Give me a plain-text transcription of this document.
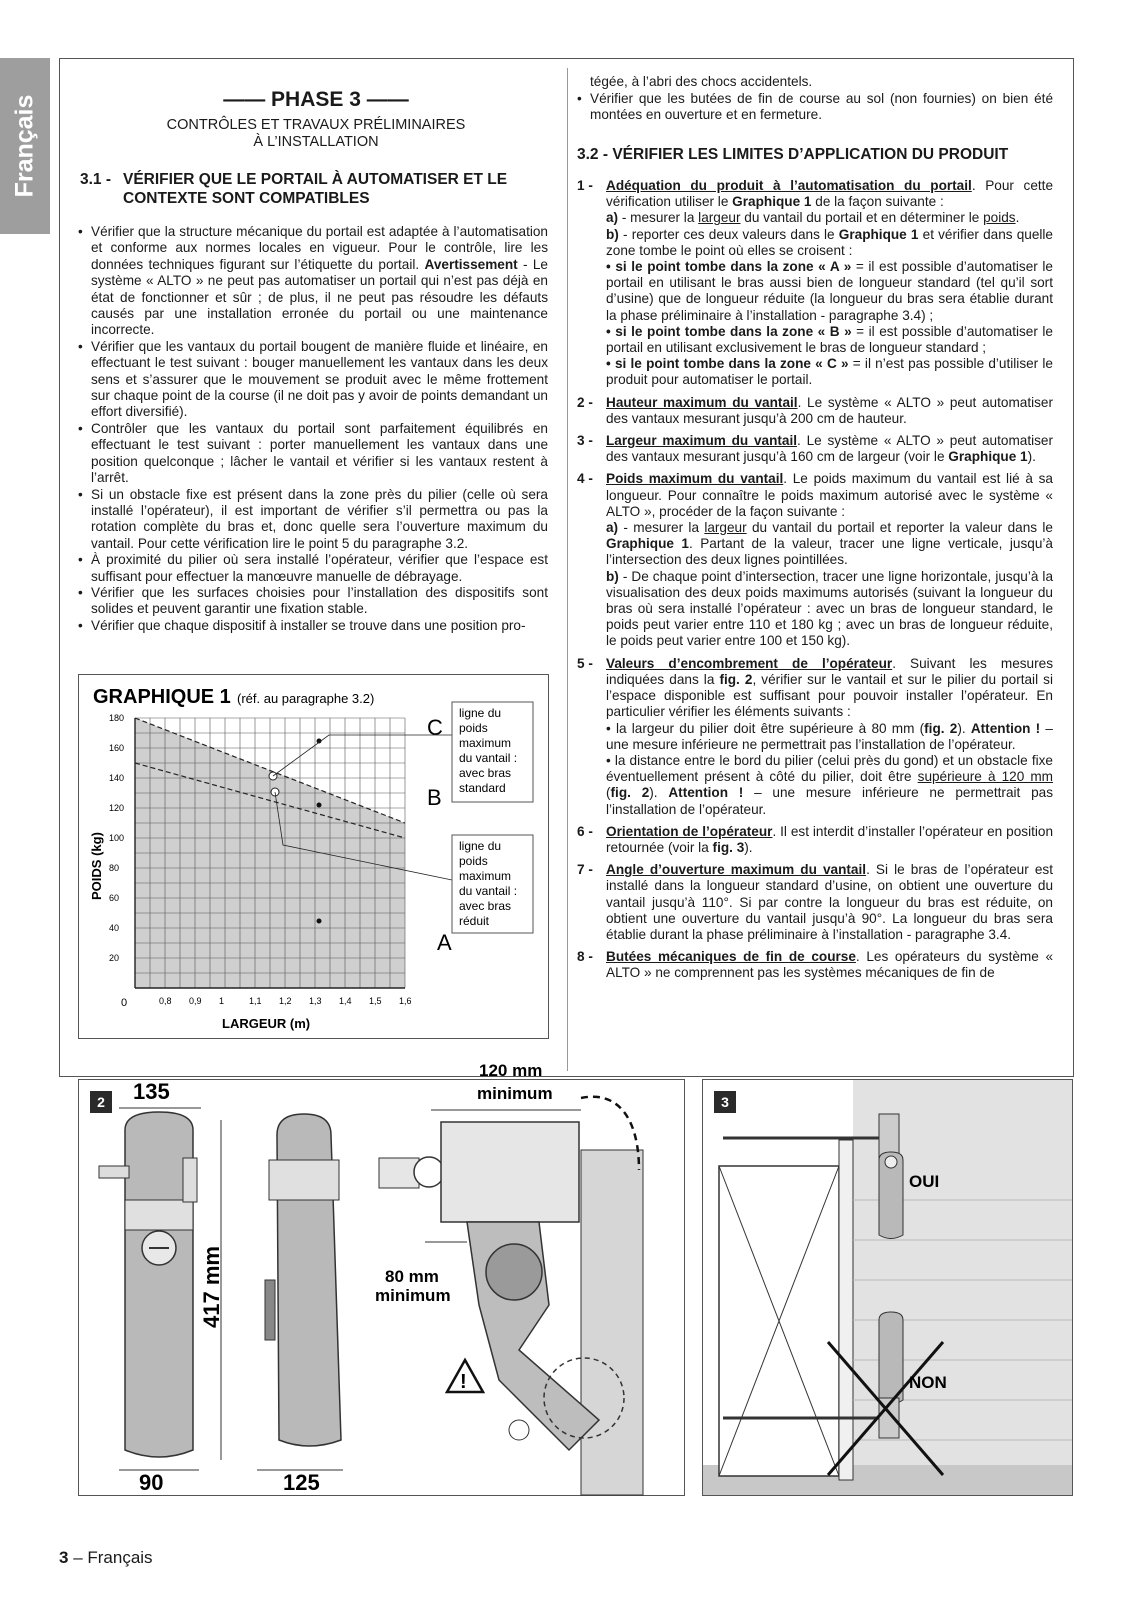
Français	—— PHASE 3 ——
CONTRÔLES ET TRAVAUX PRÉLIMINAIRES
À L’INSTALLATION
3.1 - VÉRIFIER QUE LE PORTAIL À AUTOMATISER ET LE
CONTEXTE SONT COMPATIBLES
• Vérifier que la structure mécanique du portail est adaptée à l’automatisation et conforme aux normes locales en vigueur. Pour le contrôle, lire les données techniques figurant sur l’étiquette du portail. Avertissement - Le système « ALTO » ne peut pas automatiser un portail qui n’est pas déjà en état de fonctionner et sûr ; de plus, il ne peut pas résoudre les défauts causés par une installation erronée du portail ou une maintenance incorrecte.
• Vérifier que les vantaux du portail bougent de manière fluide et linéaire, en effectuant le test suivant : bouger manuellement les vantaux dans les deux sens et s’assurer que le mouvement se produit avec le même frottement sur chaque point de la course (il ne doit pas y avoir de points demandant un effort diversifié).
• Contrôler que les vantaux du portail sont parfaitement équilibrés en effectuant le test suivant : porter manuellement les vantaux dans une position quelconque ; lâcher le vantail et vérifier si les vantaux restent à l’arrêt.
• Si un obstacle fixe est présent dans la zone près du pilier (celle où sera installé l’opérateur), il est important de vérifier s’il permettra ou pas la rotation complète du bras et, donc quelle sera l’ouverture maximum du vantail. Pour cette vérification lire le point 5 du paragraphe 3.2.
• À proximité du pilier où sera installé l’opérateur, vérifier que l’espace est suffisant pour effectuer la manœuvre manuelle de débrayage.
• Vérifier que les surfaces choisies pour l’installation des dispositifs sont solides et peuvent garantir une fixation stable.
• Vérifier que chaque dispositif à installer se trouve dans une position pro-
GRAPHIQUE 1 (réf. au paragraphe 3.2)
0,8 0,9 1	1,1 1,2 1,3 1,4 1,5 1,6
20
40
60
80
100
120
140
160
180
0
A
B
C
LARGEUR (m)
POIDS (kg)
ligne du
poids
maximum
du vantail :
avec bras
standard
ligne du
poids
maximum
du vantail :
avec bras
réduit

tégée, à l’abri des chocs accidentels.

• Vérifier que les butées de fin de course au sol (non fournies) on bien été montées en ouverture et en fermeture.
3.2 - VÉRIFIER LES LIMITES D’APPLICATION DU PRODUIT
1 - Adéquation du produit à l’automatisation du portail. Pour cette vérification utiliser le Graphique 1 de la façon suivante :
a) - mesurer la largeur du vantail du portail et en déterminer le poids.
b) - reporter ces deux valeurs dans le Graphique 1 et vérifier dans quelle zone tombe le point où elles se croisent :
• si le point tombe dans la zone « A » = il est possible d’automatiser le portail en utilisant le bras aussi bien de longueur standard (tel qu’il sort d’usine) que de longueur réduite (la longueur du bras sera établie durant la phase préliminaire à l’installation - paragraphe 3.4) ;
• si le point tombe dans la zone « B » = il est possible d’automatiser le portail en utilisant exclusivement le bras de longueur standard ;
• si le point tombe dans la zone « C » = il n’est pas possible d’utiliser le produit pour automatiser le portail.
2 - Hauteur maximum du vantail. Le système « ALTO » peut automatiser des vantaux mesurant jusqu’à 200 cm de hauteur.
3 - Largeur maximum du vantail. Le système « ALTO » peut automatiser des vantaux mesurant jusqu’à 160 cm de largeur (voir le Graphique 1).
4 - Poids maximum du vantail. Le poids maximum du vantail est lié à sa longueur. Pour connaître le poids maximum autorisé avec le système « ALTO », procéder de la façon suivante :
a) - mesurer la largeur du vantail du portail et reporter la valeur dans le Graphique 1. Partant de la valeur, tracer une ligne verticale, jusqu’à l’intersection des deux lignes pointillées.
b) - De chaque point d’intersection, tracer une ligne horizontale, jusqu’à la visualisation des deux poids maximums autorisés (suivant la longueur du bras où sera installé l’opérateur : avec un bras de longueur standard, le poids peut varier entre 110 et 180 kg ; avec un bras de longueur réduite, le poids peut varier entre 100 et 150 kg).
5 - Valeurs d’encombrement de l’opérateur. Suivant les mesures indiquées dans la fig. 2, vérifier sur le vantail et sur le pilier du portail si l’espace disponible est suffisant pour pouvoir installer l’opérateur. En particulier vérifier les éléments suivants :
• la largeur du pilier doit être supérieure à 80 mm (fig. 2). Attention ! – une mesure inférieure ne permettrait pas l’installation de l’opérateur.
• la distance entre le bord du pilier (celui près du gond) et un obstacle fixe éventuellement présent à côté du pilier, doit être supérieure à 120 mm (fig. 2). Attention ! – une mesure inférieure ne permettrait pas l’installation de l’opérateur.
6 - Orientation de l’opérateur. Il est interdit d’installer l’opérateur en position retournée (voir la fig. 3).
7 - Angle d’ouverture maximum du vantail. Si le bras de l’opérateur est installé dans la longueur standard d’usine, on obtient une ouverture du vantail jusqu’à 110°. Si par contre la longueur du bras est réduite, on obtient une ouverture du vantail jusqu’à 90°. La longueur du bras sera établie durant la phase préliminaire à l’installation - paragraphe 3.4.
8 - Butées mécaniques de fin de course. Les opérateurs du système « ALTO » ne comprennent pas les systèmes mécaniques de fin de
2
!
135
417 mm
90	125
120 mm
minimum
80 mm
minimum
3
OUI
NON
3 – Français
